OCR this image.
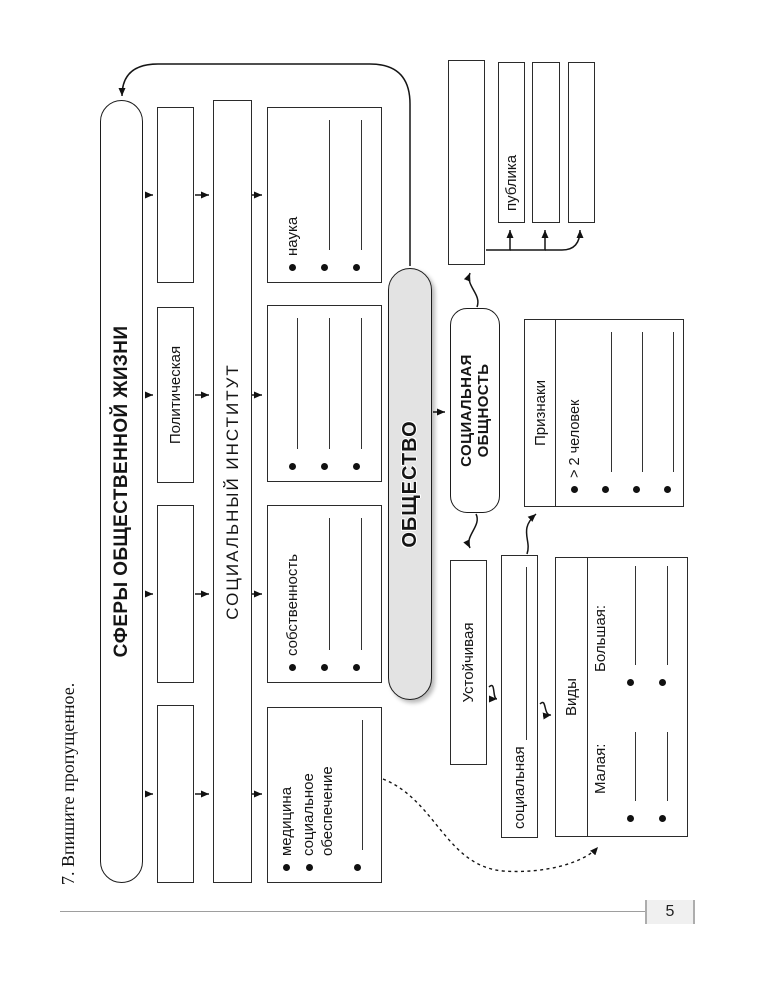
7. Впишите пропущенное.
СФЕРЫ ОБЩЕСТВЕННОЙ ЖИЗНИ Политическая СОЦИАЛЬНЫЙ ИНСТИТУТ
медицина социальное обеспечение
собственность
наука
ОБЩЕСТВО
СОЦИАЛЬНАЯ ОБЩНОСТЬ
публика
Признаки > 2 человек
Устойчивая
социальная
Виды
Малая:
Большая:
5
